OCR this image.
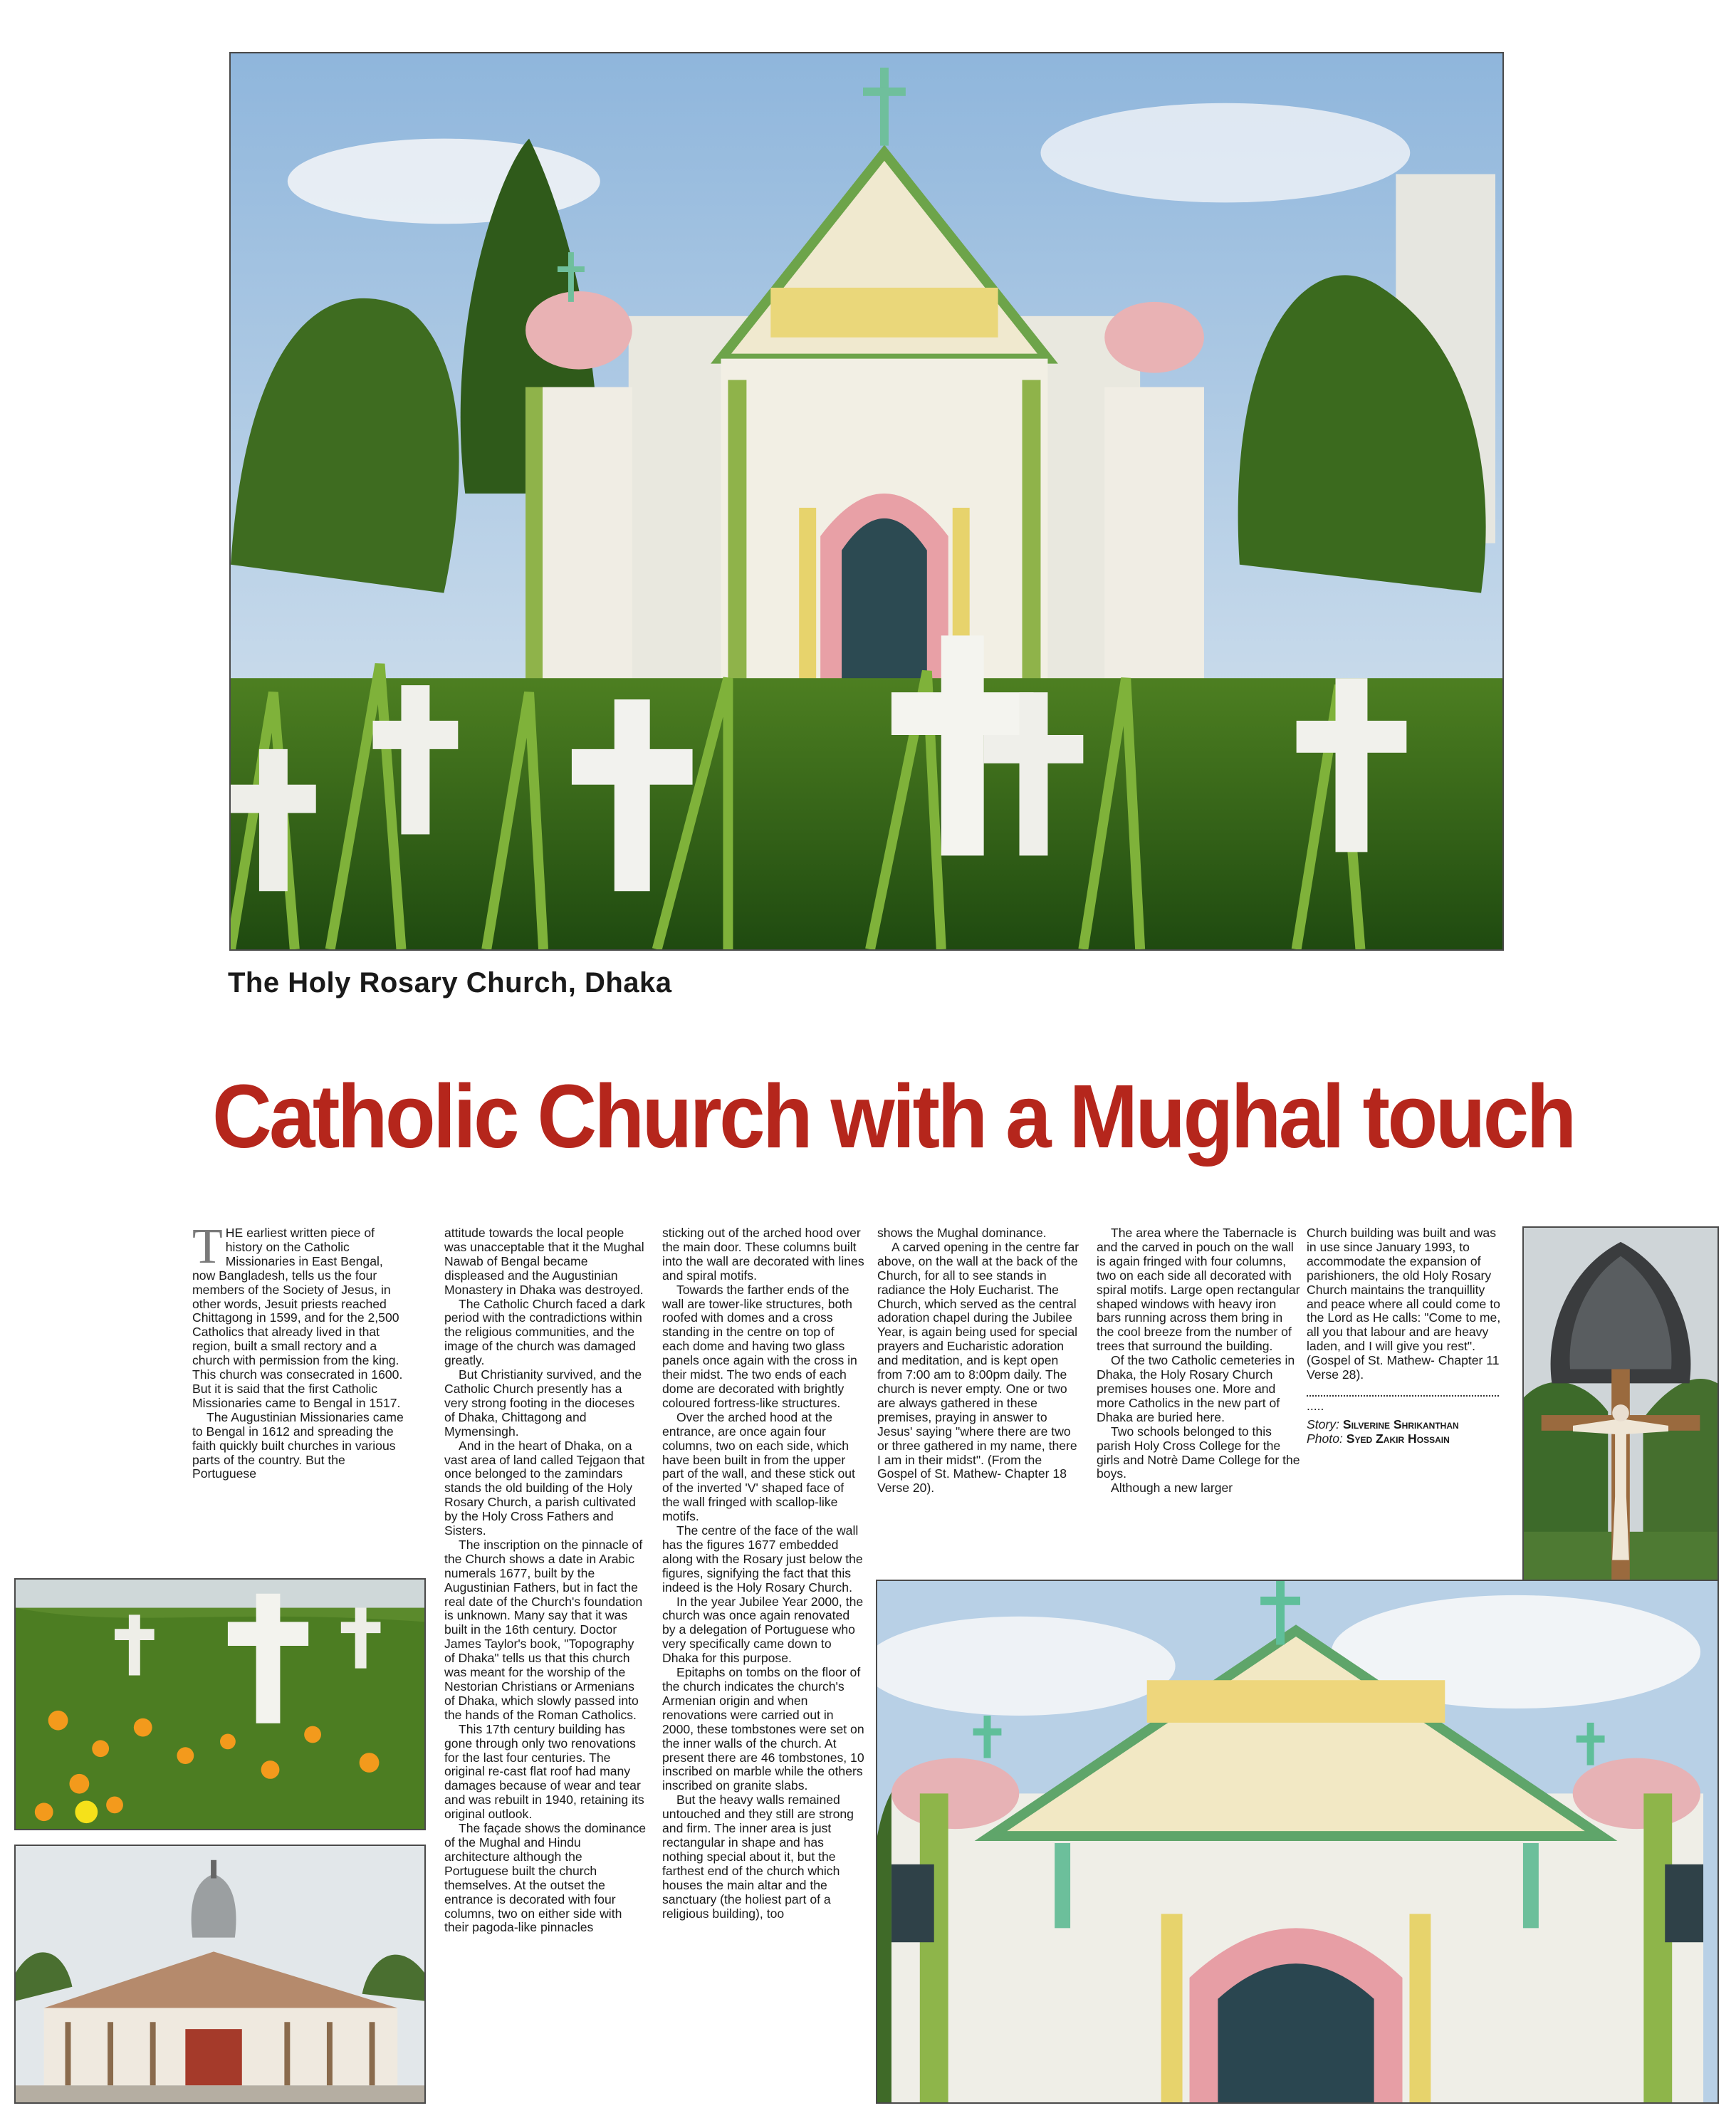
The Holy Rosary Church, Dhaka
Catholic Church with a Mughal touch
T HE earliest written piece of history on the Catholic Missionaries in East Bengal, now Bangladesh, tells us the four members of the Society of Jesus, in other words, Jesuit priests reached Chittagong in 1599, and for the 2,500 Catholics that already lived in that region, built a small rectory and a church with permission from the king. This church was consecrated in 1600. But it is said that the first Catholic Missionaries came to Bengal in 1517.

The Augustinian Missionaries came to Bengal in 1612 and spreading the faith quickly built churches in various parts of the country. But the Portuguese

attitude towards the local people was unacceptable that it the Mughal Nawab of Bengal became displeased and the Augustinian Monastery in Dhaka was destroyed.

The Catholic Church faced a dark period with the contradictions within the religious communities, and the image of the church was damaged greatly.

But Christianity survived, and the Catholic Church presently has a very strong footing in the dioceses of Dhaka, Chittagong and Mymensingh.

And in the heart of Dhaka, on a vast area of land called Tejgaon that once belonged to the zamindars stands the old building of the Holy Rosary Church, a parish cultivated by the Holy Cross Fathers and Sisters.

The inscription on the pinnacle of the Church shows a date in Arabic numerals 1677, built by the Augustinian Fathers, but in fact the real date of the Church's foundation is unknown. Many say that it was built in the 16th century. Doctor James Taylor's book, "Topography of Dhaka" tells us that this church was meant for the worship of the Nestorian Christians or Armenians of Dhaka, which slowly passed into the hands of the Roman Catholics.

This 17th century building has gone through only two renovations for the last four centuries. The original re-cast flat roof had many damages because of wear and tear and was rebuilt in 1940, retaining its original outlook.

The façade shows the dominance of the Mughal and Hindu architecture although the Portuguese built the church themselves. At the outset the entrance is decorated with four columns, two on either side with their pagoda-like pinnacles

sticking out of the arched hood over the main door. These columns built into the wall are decorated with lines and spiral motifs.

Towards the farther ends of the wall are tower-like structures, both roofed with domes and a cross standing in the centre on top of each dome and having two glass panels once again with the cross in their midst. The two ends of each dome are decorated with brightly coloured fortress-like structures.

Over the arched hood at the entrance, are once again four columns, two on each side, which have been built in from the upper part of the wall, and these stick out of the inverted 'V' shaped face of the wall fringed with scallop-like motifs.

The centre of the face of the wall has the figures 1677 embedded along with the Rosary just below the figures, signifying the fact that this indeed is the Holy Rosary Church.

In the year Jubilee Year 2000, the church was once again renovated by a delegation of Portuguese who very specifically came down to Dhaka for this purpose.

Epitaphs on tombs on the floor of the church indicates the church's Armenian origin and when renovations were carried out in 2000, these tombstones were set on the inner walls of the church. At present there are 46 tombstones, 10 inscribed on marble while the others inscribed on granite slabs.

But the heavy walls remained untouched and they still are strong and firm. The inner area is just rectangular in shape and has nothing special about it, but the farthest end of the church which houses the main altar and the sanctuary (the holiest part of a religious building), too

shows the Mughal dominance.

A carved opening in the centre far above, on the wall at the back of the Church, for all to see stands in radiance the Holy Eucharist. The Church, which served as the central adoration chapel during the Jubilee Year, is again being used for special prayers and Eucharistic adoration and meditation, and is kept open from 7:00 am to 8:00pm daily. The church is never empty. One or two are always gathered in these premises, praying in answer to Jesus' saying "where there are two or three gathered in my name, there I am in their midst". (From the Gospel of St. Mathew- Chapter 18 Verse 20).

The area where the Tabernacle is and the carved in pouch on the wall is again fringed with four columns, two on each side all decorated with spiral motifs. Large open rectangular shaped windows with heavy iron bars running across them bring in the cool breeze from the number of trees that surround the building.

Of the two Catholic cemeteries in Dhaka, the Holy Rosary Church premises houses one. More and more Catholics in the new part of Dhaka are buried here.

Two schools belonged to this parish Holy Cross College for the girls and Notrè Dame College for the boys.

Although a new larger

Church building was built and was in use since January 1993, to accommodate the expansion of parishioners, the old Holy Rosary Church maintains the tranquillity and peace where all could come to the Lord as He calls: "Come to me, all you that labour and are heavy laden, and I will give you rest". (Gospel of St. Mathew- Chapter 11 Verse 28).

.....
Story: Silverine Shrikanthan
Photo: Syed Zakir Hossain
